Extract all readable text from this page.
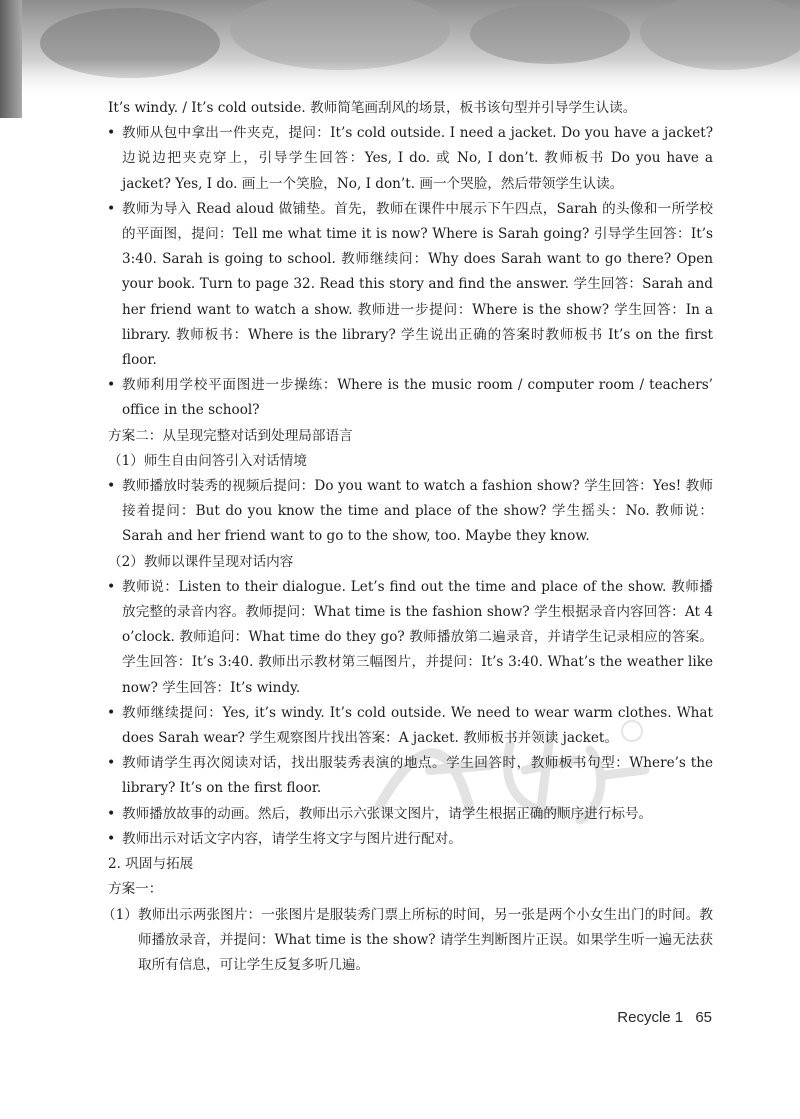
It’s windy. / It’s cold outside. 教师简笔画刮风的场景，板书该句型并引导学生认读。

• 教师从包中拿出一件夹克，提问：It’s cold outside. I need a jacket. Do you have a jacket? 边说边把夹克穿上，引导学生回答：Yes, I do. 或 No, I don’t. 教师板书 Do you have a jacket? Yes, I do. 画上一个笑脸，No, I don’t. 画一个哭脸，然后带领学生认读。

• 教师为导入 Read aloud 做铺垫。首先，教师在课件中展示下午四点，Sarah 的头像和一所学校的平面图，提问：Tell me what time it is now? Where is Sarah going? 引导学生回答：It’s 3:40. Sarah is going to school. 教师继续问：Why does Sarah want to go there? Open your book. Turn to page 32. Read this story and find the answer. 学生回答：Sarah and her friend want to watch a show. 教师进一步提问：Where is the show? 学生回答：In a library. 教师板书：Where is the library? 学生说出正确的答案时教师板书 It’s on the first floor.

• 教师利用学校平面图进一步操练：Where is the music room / computer room / teachers’ office in the school?

方案二：从呈现完整对话到处理局部语言

（1）师生自由问答引入对话情境

• 教师播放时装秀的视频后提问：Do you want to watch a fashion show? 学生回答：Yes! 教师接着提问：But do you know the time and place of the show? 学生摇头：No. 教师说：Sarah and her friend want to go to the show, too. Maybe they know.

（2）教师以课件呈现对话内容

• 教师说：Listen to their dialogue. Let’s find out the time and place of the show. 教师播放完整的录音内容。教师提问：What time is the fashion show? 学生根据录音内容回答：At 4 o’clock. 教师追问：What time do they go? 教师播放第二遍录音，并请学生记录相应的答案。学生回答：It’s 3:40. 教师出示教材第三幅图片，并提问：It’s 3:40. What’s the weather like now? 学生回答：It’s windy.

• 教师继续提问：Yes, it’s windy. It’s cold outside. We need to wear warm clothes. What does Sarah wear? 学生观察图片找出答案：A jacket. 教师板书并领读 jacket。

• 教师请学生再次阅读对话，找出服装秀表演的地点。学生回答时，教师板书句型：Where’s the library? It’s on the first floor.

• 教师播放故事的动画。然后，教师出示六张课文图片，请学生根据正确的顺序进行标号。

• 教师出示对话文字内容，请学生将文字与图片进行配对。

2. 巩固与拓展

方案一：

（1） 教师出示两张图片：一张图片是服装秀门票上所标的时间，另一张是两个小女生出门的时间。教师播放录音，并提问：What time is the show? 请学生判断图片正误。如果学生听一遍无法获取所有信息，可让学生反复多听几遍。

Recycle 1 65
